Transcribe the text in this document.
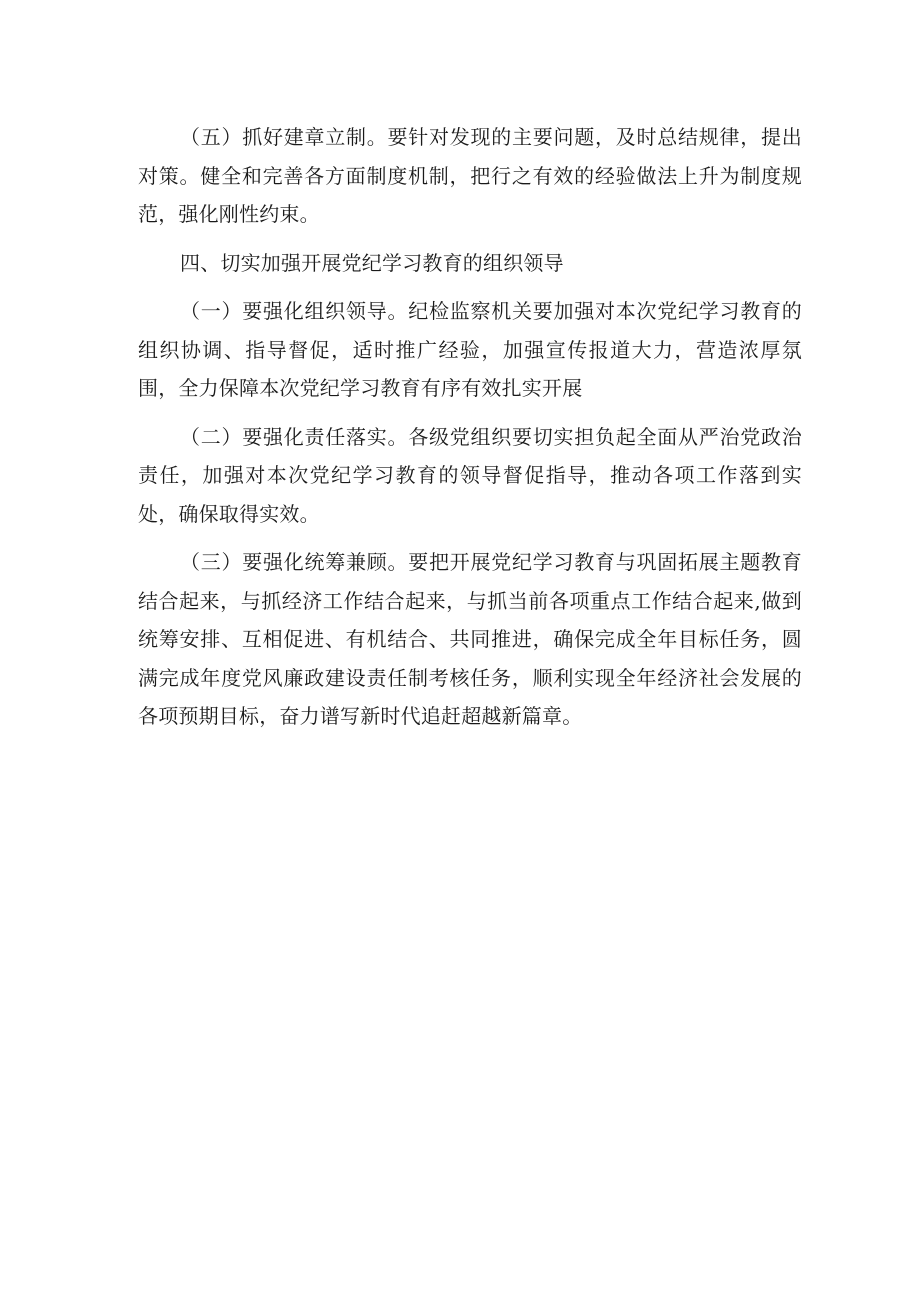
（五）抓好建章立制。要针对发现的主要问题，及时总结规律，提出对策。健全和完善各方面制度机制，把行之有效的经验做法上升为制度规范，强化刚性约束。

四、切实加强开展党纪学习教育的组织领导

（一）要强化组织领导。纪检监察机关要加强对本次党纪学习教育的组织协调、指导督促，适时推广经验，加强宣传报道大力，营造浓厚氛围，全力保障本次党纪学习教育有序有效扎实开展

（二）要强化责任落实。各级党组织要切实担负起全面从严治党政治责任，加强对本次党纪学习教育的领导督促指导，推动各项工作落到实处，确保取得实效。

（三）要强化统筹兼顾。要把开展党纪学习教育与巩固拓展主题教育结合起来，与抓经济工作结合起来，与抓当前各项重点工作结合起来,做到统筹安排、互相促进、有机结合、共同推进，确保完成全年目标任务，圆满完成年度党风廉政建设责任制考核任务，顺利实现全年经济社会发展的各项预期目标，奋力谱写新时代追赶超越新篇章。
